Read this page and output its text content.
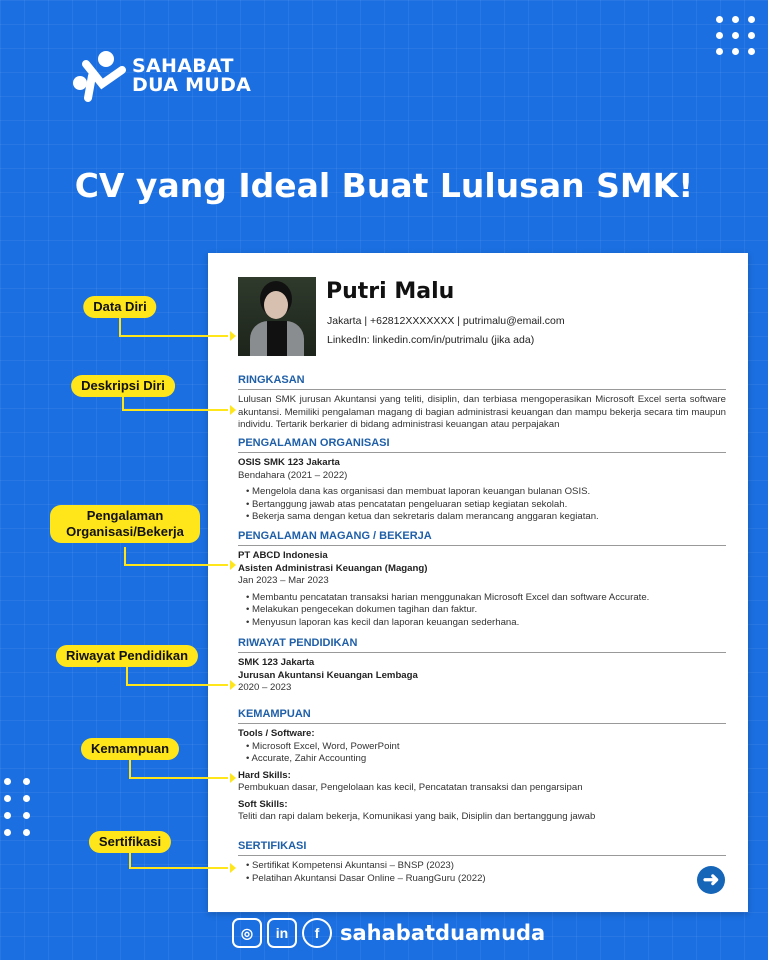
SAHABAT
DUA MUDA
CV yang Ideal Buat Lulusan SMK!
Putri Malu
Jakarta | +62812XXXXXXX | putrimalu@email.com
LinkedIn: linkedin.com/in/putrimalu (jika ada)
RINGKASAN

Lulusan SMK jurusan Akuntansi yang teliti, disiplin, dan terbiasa mengoperasikan Microsoft Excel serta software akuntansi. Memiliki pengalaman magang di bagian administrasi keuangan dan mampu bekerja secara tim maupun individu. Tertarik berkarier di bidang administrasi keuangan atau perpajakan

PENGALAMAN ORGANISASI
OSIS SMK 123 Jakarta
Bendahara (2021 – 2022)
• Mengelola dana kas organisasi dan membuat laporan keuangan bulanan OSIS.
• Bertanggung jawab atas pencatatan pengeluaran setiap kegiatan sekolah.
• Bekerja sama dengan ketua dan sekretaris dalam merancang anggaran kegiatan.
PENGALAMAN MAGANG / BEKERJA
PT ABCD Indonesia
Asisten Administrasi Keuangan (Magang)
Jan 2023 – Mar 2023
• Membantu pencatatan transaksi harian menggunakan Microsoft Excel dan software Accurate.
• Melakukan pengecekan dokumen tagihan dan faktur.
• Menyusun laporan kas kecil dan laporan keuangan sederhana.
RIWAYAT PENDIDIKAN
SMK 123 Jakarta
Jurusan Akuntansi Keuangan Lembaga
2020 – 2023
KEMAMPUAN
Tools / Software:
• Microsoft Excel, Word, PowerPoint
• Accurate, Zahir Accounting
Hard Skills:
Pembukuan dasar, Pengelolaan kas kecil, Pencatatan transaksi dan pengarsipan
Soft Skills:
Teliti dan rapi dalam bekerja, Komunikasi yang baik, Disiplin dan bertanggung jawab
SERTIFIKASI
• Sertifikat Kompetensi Akuntansi – BNSP (2023)
• Pelatihan Akuntansi Dasar Online – RuangGuru (2022)	➜
Data Diri
Deskripsi Diri
Pengalaman Organisasi/Bekerja
Riwayat Pendidikan
Kemampuan
Sertifikasi
◎	in	f sahabatduamuda
